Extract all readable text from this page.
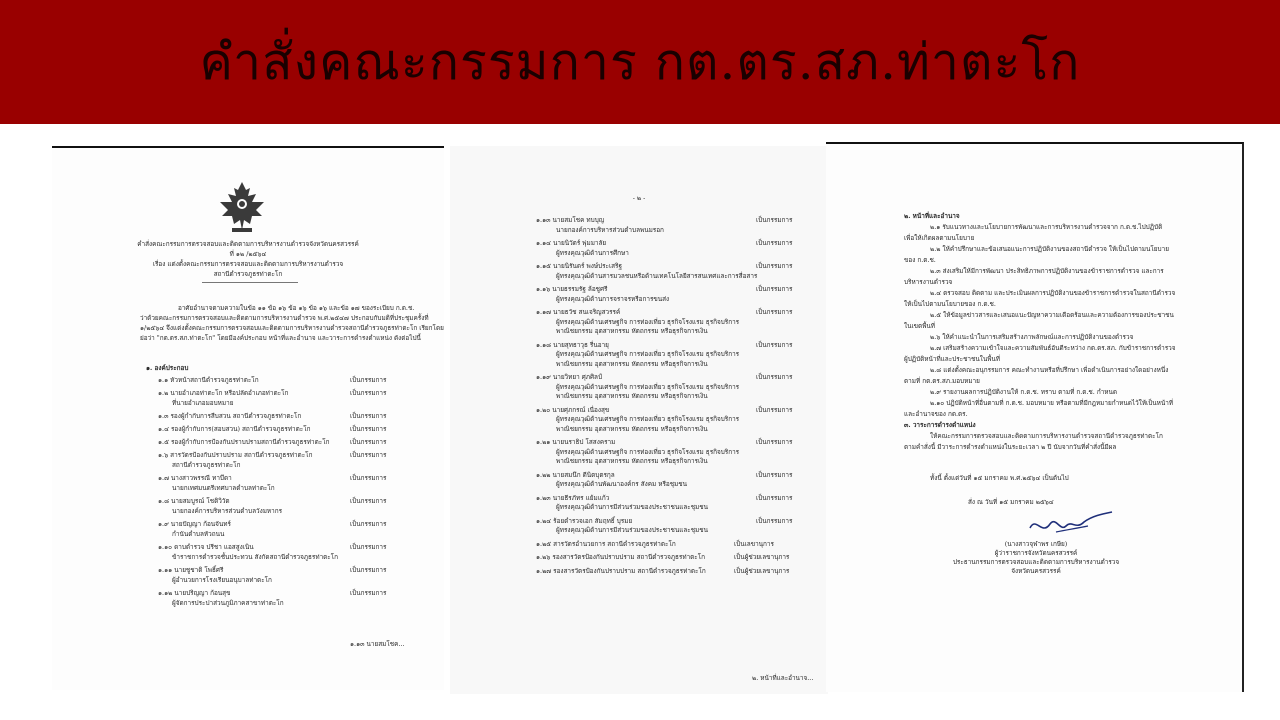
คำสั่งคณะกรรมการ กต.ตร.สภ.ท่าตะโก
คำสั่งคณะกรรมการตรวจสอบและติดตามการบริหารงานตำรวจจังหวัดนครสวรรค์
ที่ ๑๒ /๒๕๖๔
เรื่อง แต่งตั้งคณะกรรมการตรวจสอบและติดตามการบริหารงานตำรวจ
สถานีตำรวจภูธรท่าตะโก
อาศัยอำนาจตามความในข้อ ๑๑ ข้อ ๑๖ ข้อ ๑๖ ข้อ ๑๖ และข้อ ๑๗ ของระเบียบ ก.ต.ช.
ว่าด้วยคณะกรรมการตรวจสอบและติดตามการบริหารงานตำรวจ พ.ศ.๒๕๔๗ ประกอบกับมติที่ประชุมครั้งที่
๑/๒๕๖๔ จึงแต่งตั้งคณะกรรมการตรวจสอบและติดตามการบริหารงานตำรวจสถานีตำรวจภูธรท่าตะโก เรียกโดย
ย่อว่า "กต.ตร.สภ.ท่าตะโก" โดยมีองค์ประกอบ หน้าที่และอำนาจ และวาระการดำรงตำแหน่ง ดังต่อไปนี้
๑. องค์ประกอบ
๑.๑ หัวหน้าสถานีตำรวจภูธรท่าตะโก	เป็นกรรมการ
๑.๒ นายอำเภอท่าตะโก หรือปลัดอำเภอท่าตะโก	เป็นกรรมการ
ที่นายอำเภอมอบหมาย
๑.๓ รองผู้กำกับการสืบสวน สถานีตำรวจภูธรท่าตะโก	เป็นกรรมการ
๑.๔ รองผู้กำกับการ(สอบสวน) สถานีตำรวจภูธรท่าตะโก	เป็นกรรมการ
๑.๕ รองผู้กำกับการป้องกันปราบปรามสถานีตำรวจภูธรท่าตะโก	เป็นกรรมการ
๑.๖ สารวัตรป้องกันปราบปราม สถานีตำรวจภูธรท่าตะโก	เป็นกรรมการ
สถานีตำรวจภูธรท่าตะโก
๑.๗ นางสาวพรรณี ทาบึดา	เป็นกรรมการ
นายกเทศมนตรีเทศบาลตำบลท่าตะโก
๑.๘ นายสมบูรณ์ โชติวิวัต	เป็นกรรมการ
นายกองค์การบริหารส่วนตำบลวังมหากร
๑.๙ นายปัญญา ก้อนจันทร์	เป็นกรรมการ
กำนันตำบลหัวถนน
๑.๑๐ ดาบตำรวจ ปรีชา แอสสูงเนิน	เป็นกรรมการ
ข้าราชการตำรวจชั้นประทวน สังกัดสถานีตำรวจภูธรท่าตะโก
๑.๑๑ นายชูชาติ โพธิ์ศรี	เป็นกรรมการ
ผู้อำนวยการโรงเรียนอนุบาลท่าตะโก
๑.๑๒ นายปริญญา ก้อนสุข	เป็นกรรมการ
ผู้จัดการประปาส่วนภูมิภาคสาขาท่าตะโก
๑.๑๓ นายสมโชค...
- ๒ -
๑.๑๓ นายสมโชค ทบบุญ	เป็นกรรมการ
นายกองค์การบริหารส่วนตำบลพนมรอก
๑.๑๔ นายนิวัตร์ พุ่มมาลัย	เป็นกรรมการ
ผู้ทรงคุณวุฒิด้านการศึกษา
๑.๑๕ นายนิรันดร์ พงษ์ประเสริฐ	เป็นกรรมการ
ผู้ทรงคุณวุฒิด้านสารมวลชนหรือด้านเทคโนโลยีสารสนเทศและการสื่อสาร
๑.๑๖ นายธรรมรัฐ ล้อชูศรี	เป็นกรรมการ
ผู้ทรงคุณวุฒิด้านการจราจรหรือการขนส่ง
๑.๑๗ นายธวัช สนเจริญสวรรค์	เป็นกรรมการ
ผู้ทรงคุณวุฒิด้านเศรษฐกิจ การท่องเที่ยว ธุรกิจโรงแรม ธุรกิจบริการ
พาณิชยกรรม อุตสาหกรรม หัตถกรรม หรือธุรกิจการเงิน
๑.๑๘ นายสุทธาวุธ รื่นอายุ	เป็นกรรมการ
ผู้ทรงคุณวุฒิด้านเศรษฐกิจ การท่องเที่ยว ธุรกิจโรงแรม ธุรกิจบริการ
พาณิชยกรรม อุตสาหกรรม หัตถกรรม หรือธุรกิจการเงิน
๑.๑๙ นายวิทยา ศุภศิลป์	เป็นกรรมการ
ผู้ทรงคุณวุฒิด้านเศรษฐกิจ การท่องเที่ยว ธุรกิจโรงแรม ธุรกิจบริการ
พาณิชยกรรม อุตสาหกรรม หัตถกรรม หรือธุรกิจการเงิน
๑.๒๐ นายศุภกรณ์ เนื่องสุข	เป็นกรรมการ
ผู้ทรงคุณวุฒิด้านเศรษฐกิจ การท่องเที่ยว ธุรกิจโรงแรม ธุรกิจบริการ
พาณิชยกรรม อุตสาหกรรม หัตถกรรม หรือธุรกิจการเงิน
๑.๒๑ นายนราธิป โสสงคราม	เป็นกรรมการ
ผู้ทรงคุณวุฒิด้านเศรษฐกิจ การท่องเที่ยว ธุรกิจโรงแรม ธุรกิจบริการ
พาณิชยกรรม อุตสาหกรรม หัตถกรรม หรือธุรกิจการเงิน
๑.๒๒ นายสมนึก ดีนิตบุตรกุล	เป็นกรรมการ
ผู้ทรงคุณวุฒิด้านพัฒนาองค์กร สังคม หรือชุมชน
๑.๒๓ นายธีรภัทร แย้มแก้ว	เป็นกรรมการ
ผู้ทรงคุณวุฒิด้านการมีส่วนร่วมของประชาชนและชุมชน
๑.๒๔ ร้อยตำรวจเอก สัมฤทธิ์ บุรมย	เป็นกรรมการ
ผู้ทรงคุณวุฒิด้านการมีส่วนร่วมของประชาชนและชุมชน
๑.๒๕ สารวัตรอำนวยการ สถานีตำรวจภูธรท่าตะโก	เป็นเลขานุการ
๑.๒๖ รองสารวัตรป้องกันปราบปราม สถานีตำรวจภูธรท่าตะโก	เป็นผู้ช่วยเลขานุการ
๑.๒๗ รองสารวัตรป้องกันปราบปราม สถานีตำรวจภูธรท่าตะโก	เป็นผู้ช่วยเลขานุการ
๒. หน้าที่และอำนาจ...
๒. หน้าที่และอำนาจ
๒.๑ รับแนวทางและนโยบายการพัฒนาและการบริหารงานตำรวจจาก ก.ต.ช.ไปปฏิบัติ
เพื่อให้เกิดผลตามนโยบาย
๒.๒ ให้คำปรึกษาและข้อเสนอแนะการปฏิบัติงานของสถานีตำรวจ ให้เป็นไปตามนโยบาย
ของ ก.ต.ช.
๒.๓ ส่งเสริมให้มีการพัฒนา ประสิทธิภาพการปฏิบัติงานของข้าราชการตำรวจ และการ
บริหารงานตำรวจ
๒.๔ ตรวจสอบ ติดตาม และประเมินผลการปฏิบัติงานของข้าราชการตำรวจในสถานีตำรวจ
ให้เป็นไปตามนโยบายของ ก.ต.ช.
๒.๕ ให้ข้อมูลข่าวสารและเสนอแนะปัญหาความเดือดร้อนและความต้องการของประชาชน
ในเขตพื้นที่
๒.๖ ให้คำแนะนำในการเสริมสร้างภาพลักษณ์และการปฏิบัติงานของตำรวจ
๒.๗ เสริมสร้างความเข้าใจและความสัมพันธ์อันดีระหว่าง กต.ตร.สภ. กับข้าราชการตำรวจ
ผู้ปฏิบัติหน้าที่และประชาชนในพื้นที่
๒.๘ แต่งตั้งคณะอนุกรรมการ คณะทำงานหรือที่ปรึกษา เพื่อดำเนินการอย่างใดอย่างหนึ่ง
ตามที่ กต.ตร.สภ.มอบหมาย
๒.๙ รายงานผลการปฏิบัติงานให้ ก.ต.ช. ทราบ ตามที่ ก.ต.ช. กำหนด
๒.๑๐ ปฏิบัติหน้าที่อื่นตามที่ ก.ต.ช. มอบหมาย หรือตามที่มีกฎหมายกำหนดไว้ให้เป็นหน้าที่
และอำนาจของ กต.ตร.
๓. วาระการดำรงตำแหน่ง
ให้คณะกรรมการตรวจสอบและติดตามการบริหารงานตำรวจสถานีตำรวจภูธรท่าตะโก
ตามคำสั่งนี้ มีวาระการดำรงตำแหน่งในระยะเวลา ๒ ปี นับจากวันที่คำสั่งนี้มีผล
ทั้งนี้ ตั้งแต่วันที่ ๑๕ มกราคม พ.ศ.๒๕๖๔ เป็นต้นไป
สั่ง ณ วันที่ ๑๕ มกราคม ๒๕๖๔
(นางสาวจุฬาพร เกษีย)
ผู้ว่าราชการจังหวัดนครสวรรค์
ประธานกรรมการตรวจสอบและติดตามการบริหารงานตำรวจ
จังหวัดนครสวรรค์
